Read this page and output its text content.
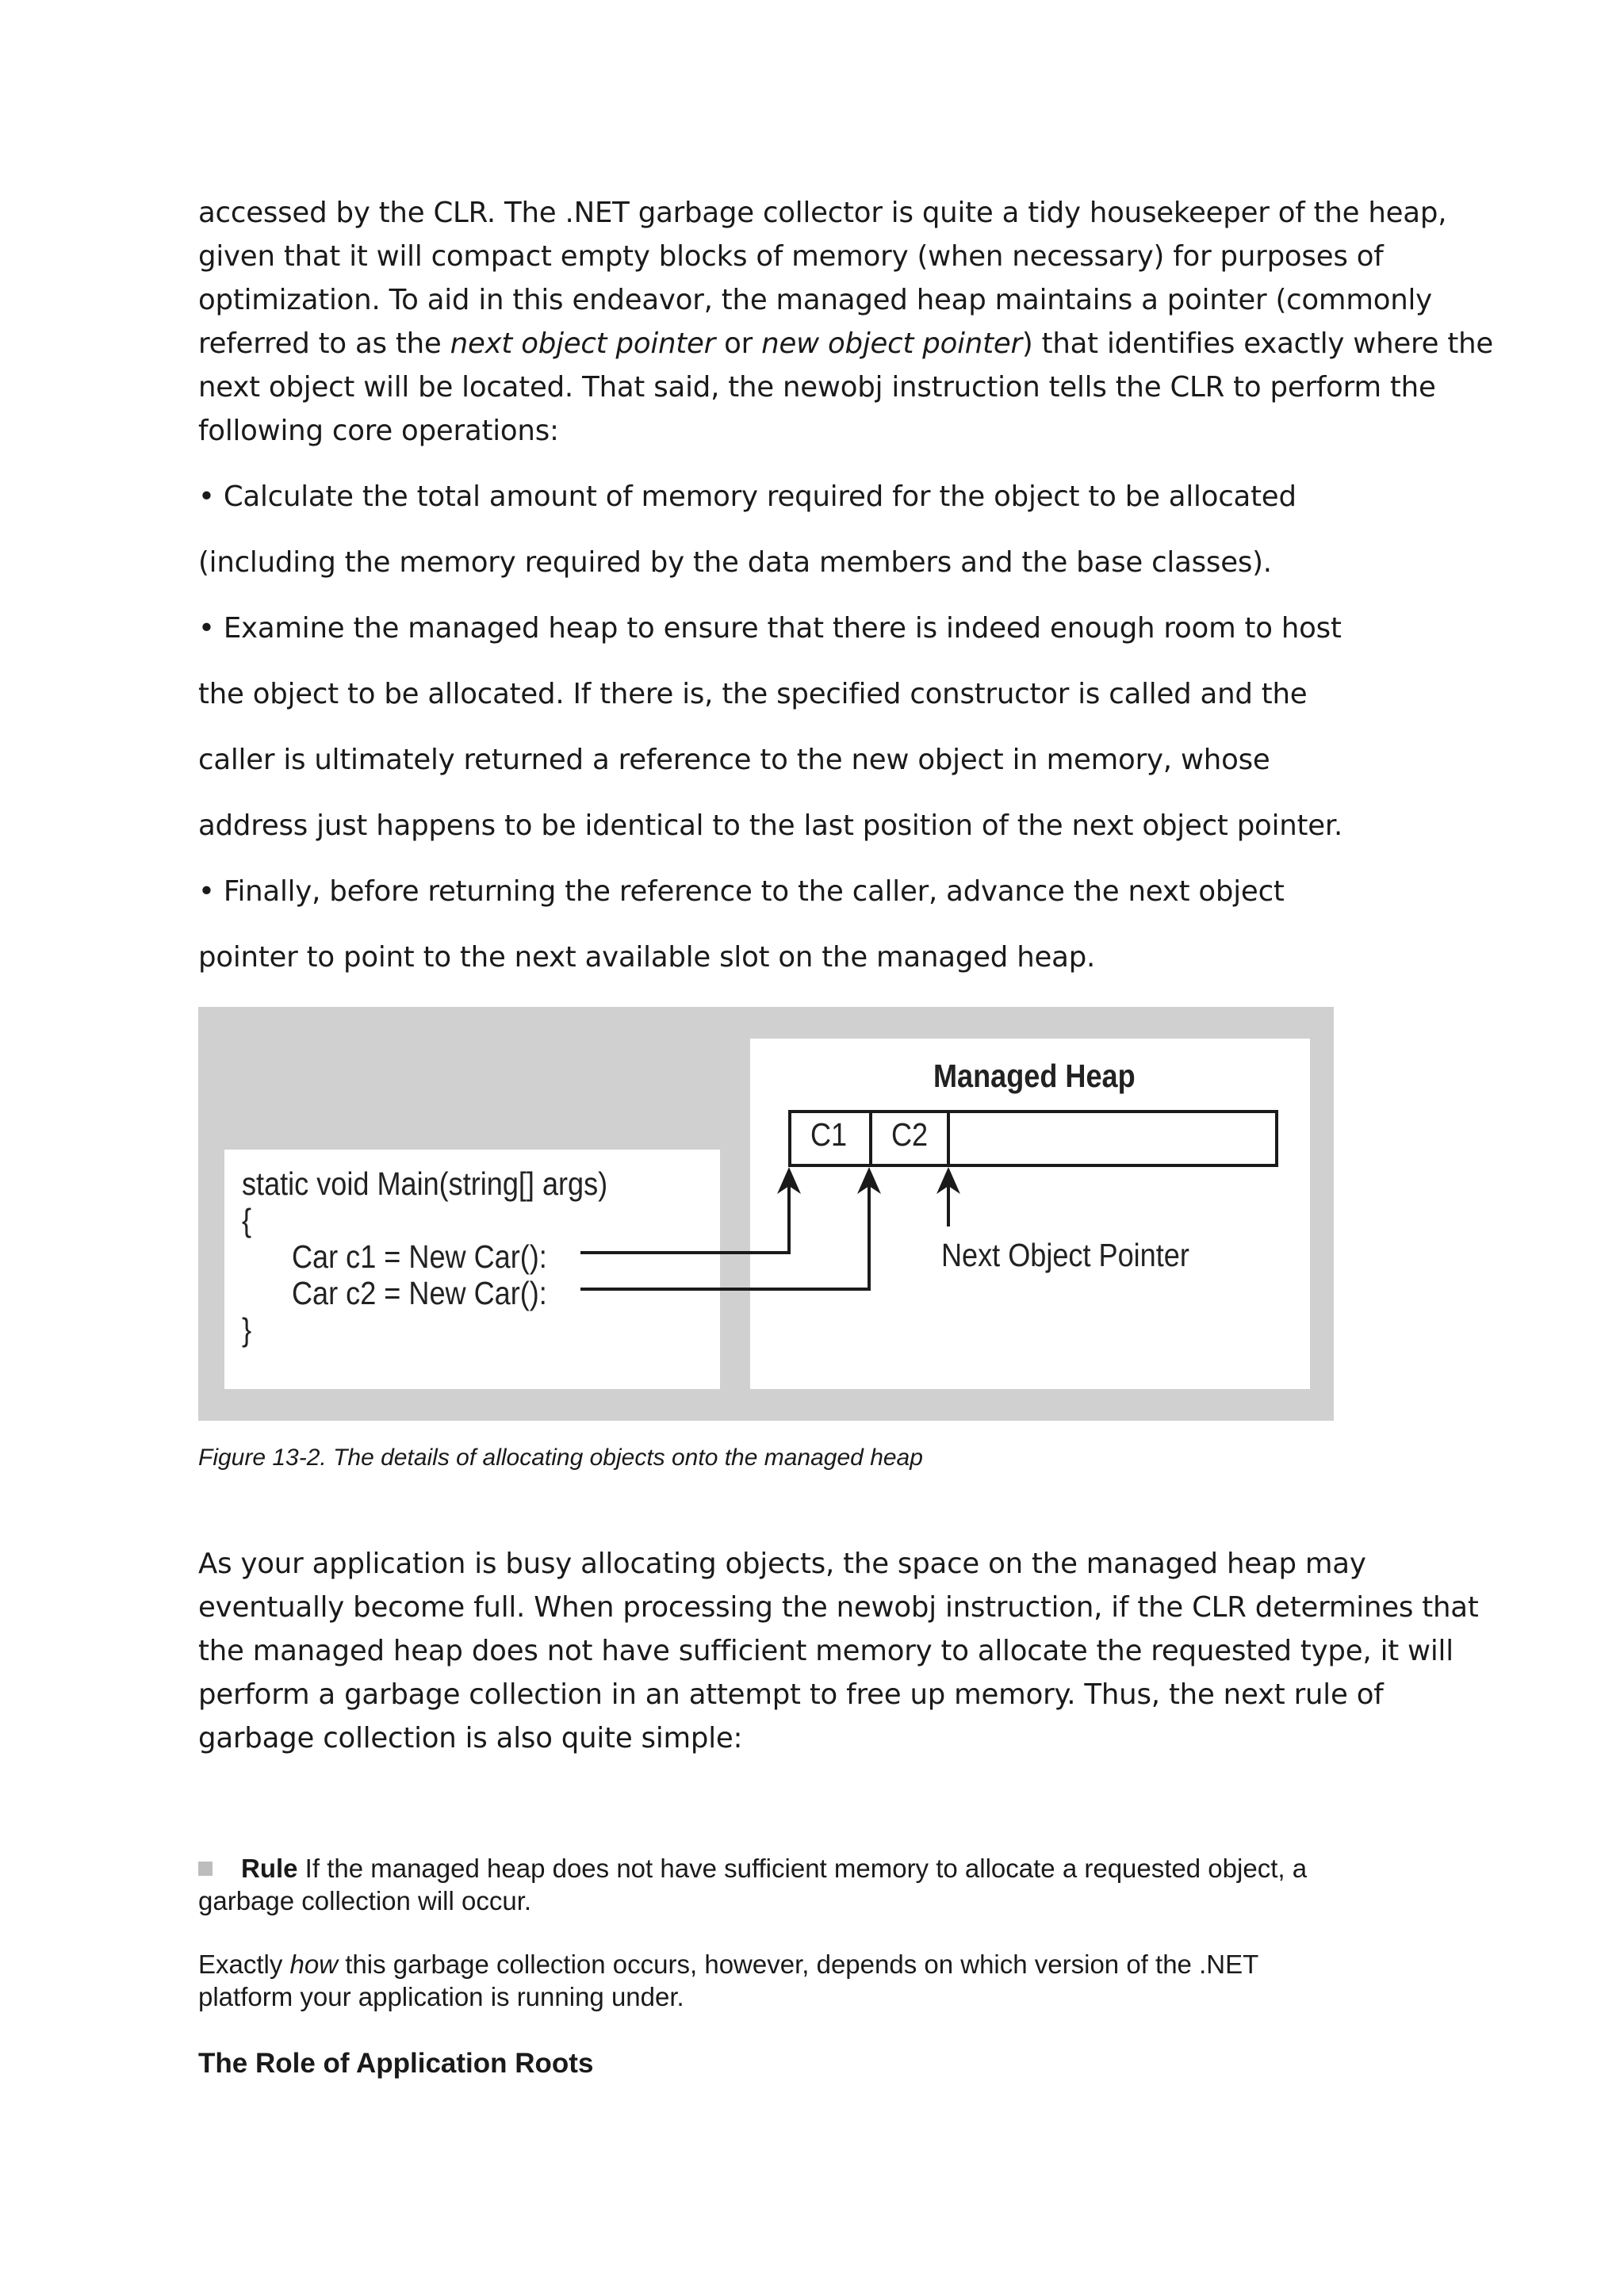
accessed by the CLR. The .NET garbage collector is quite a tidy housekeeper of the heap,
given that it will compact empty blocks of memory (when necessary) for purposes of
optimization. To aid in this endeavor, the managed heap maintains a pointer (commonly
referred to as the next object pointer or new object pointer) that identifies exactly where the
next object will be located. That said, the newobj instruction tells the CLR to perform the
following core operations:
• Calculate the total amount of memory required for the object to be allocated
(including the memory required by the data members and the base classes).
• Examine the managed heap to ensure that there is indeed enough room to host
the object to be allocated. If there is, the specified constructor is called and the
caller is ultimately returned a reference to the new object in memory, whose
address just happens to be identical to the last position of the next object pointer.
• Finally, before returning the reference to the caller, advance the next object
pointer to point to the next available slot on the managed heap.
static void Main(string[] args)
{
Car c1 = New Car():
Car c2 = New Car():
}
Managed Heap
C1 C2
Next Object Pointer
Figure 13-2. The details of allocating objects onto the managed heap
As your application is busy allocating objects, the space on the managed heap may
eventually become full. When processing the newobj instruction, if the CLR determines that
the managed heap does not have sufficient memory to allocate the requested type, it will
perform a garbage collection in an attempt to free up memory. Thus, the next rule of
garbage collection is also quite simple:
Rule If the managed heap does not have sufficient memory to allocate a requested object, a
garbage collection will occur.
Exactly how this garbage collection occurs, however, depends on which version of the .NET
platform your application is running under.
The Role of Application Roots
